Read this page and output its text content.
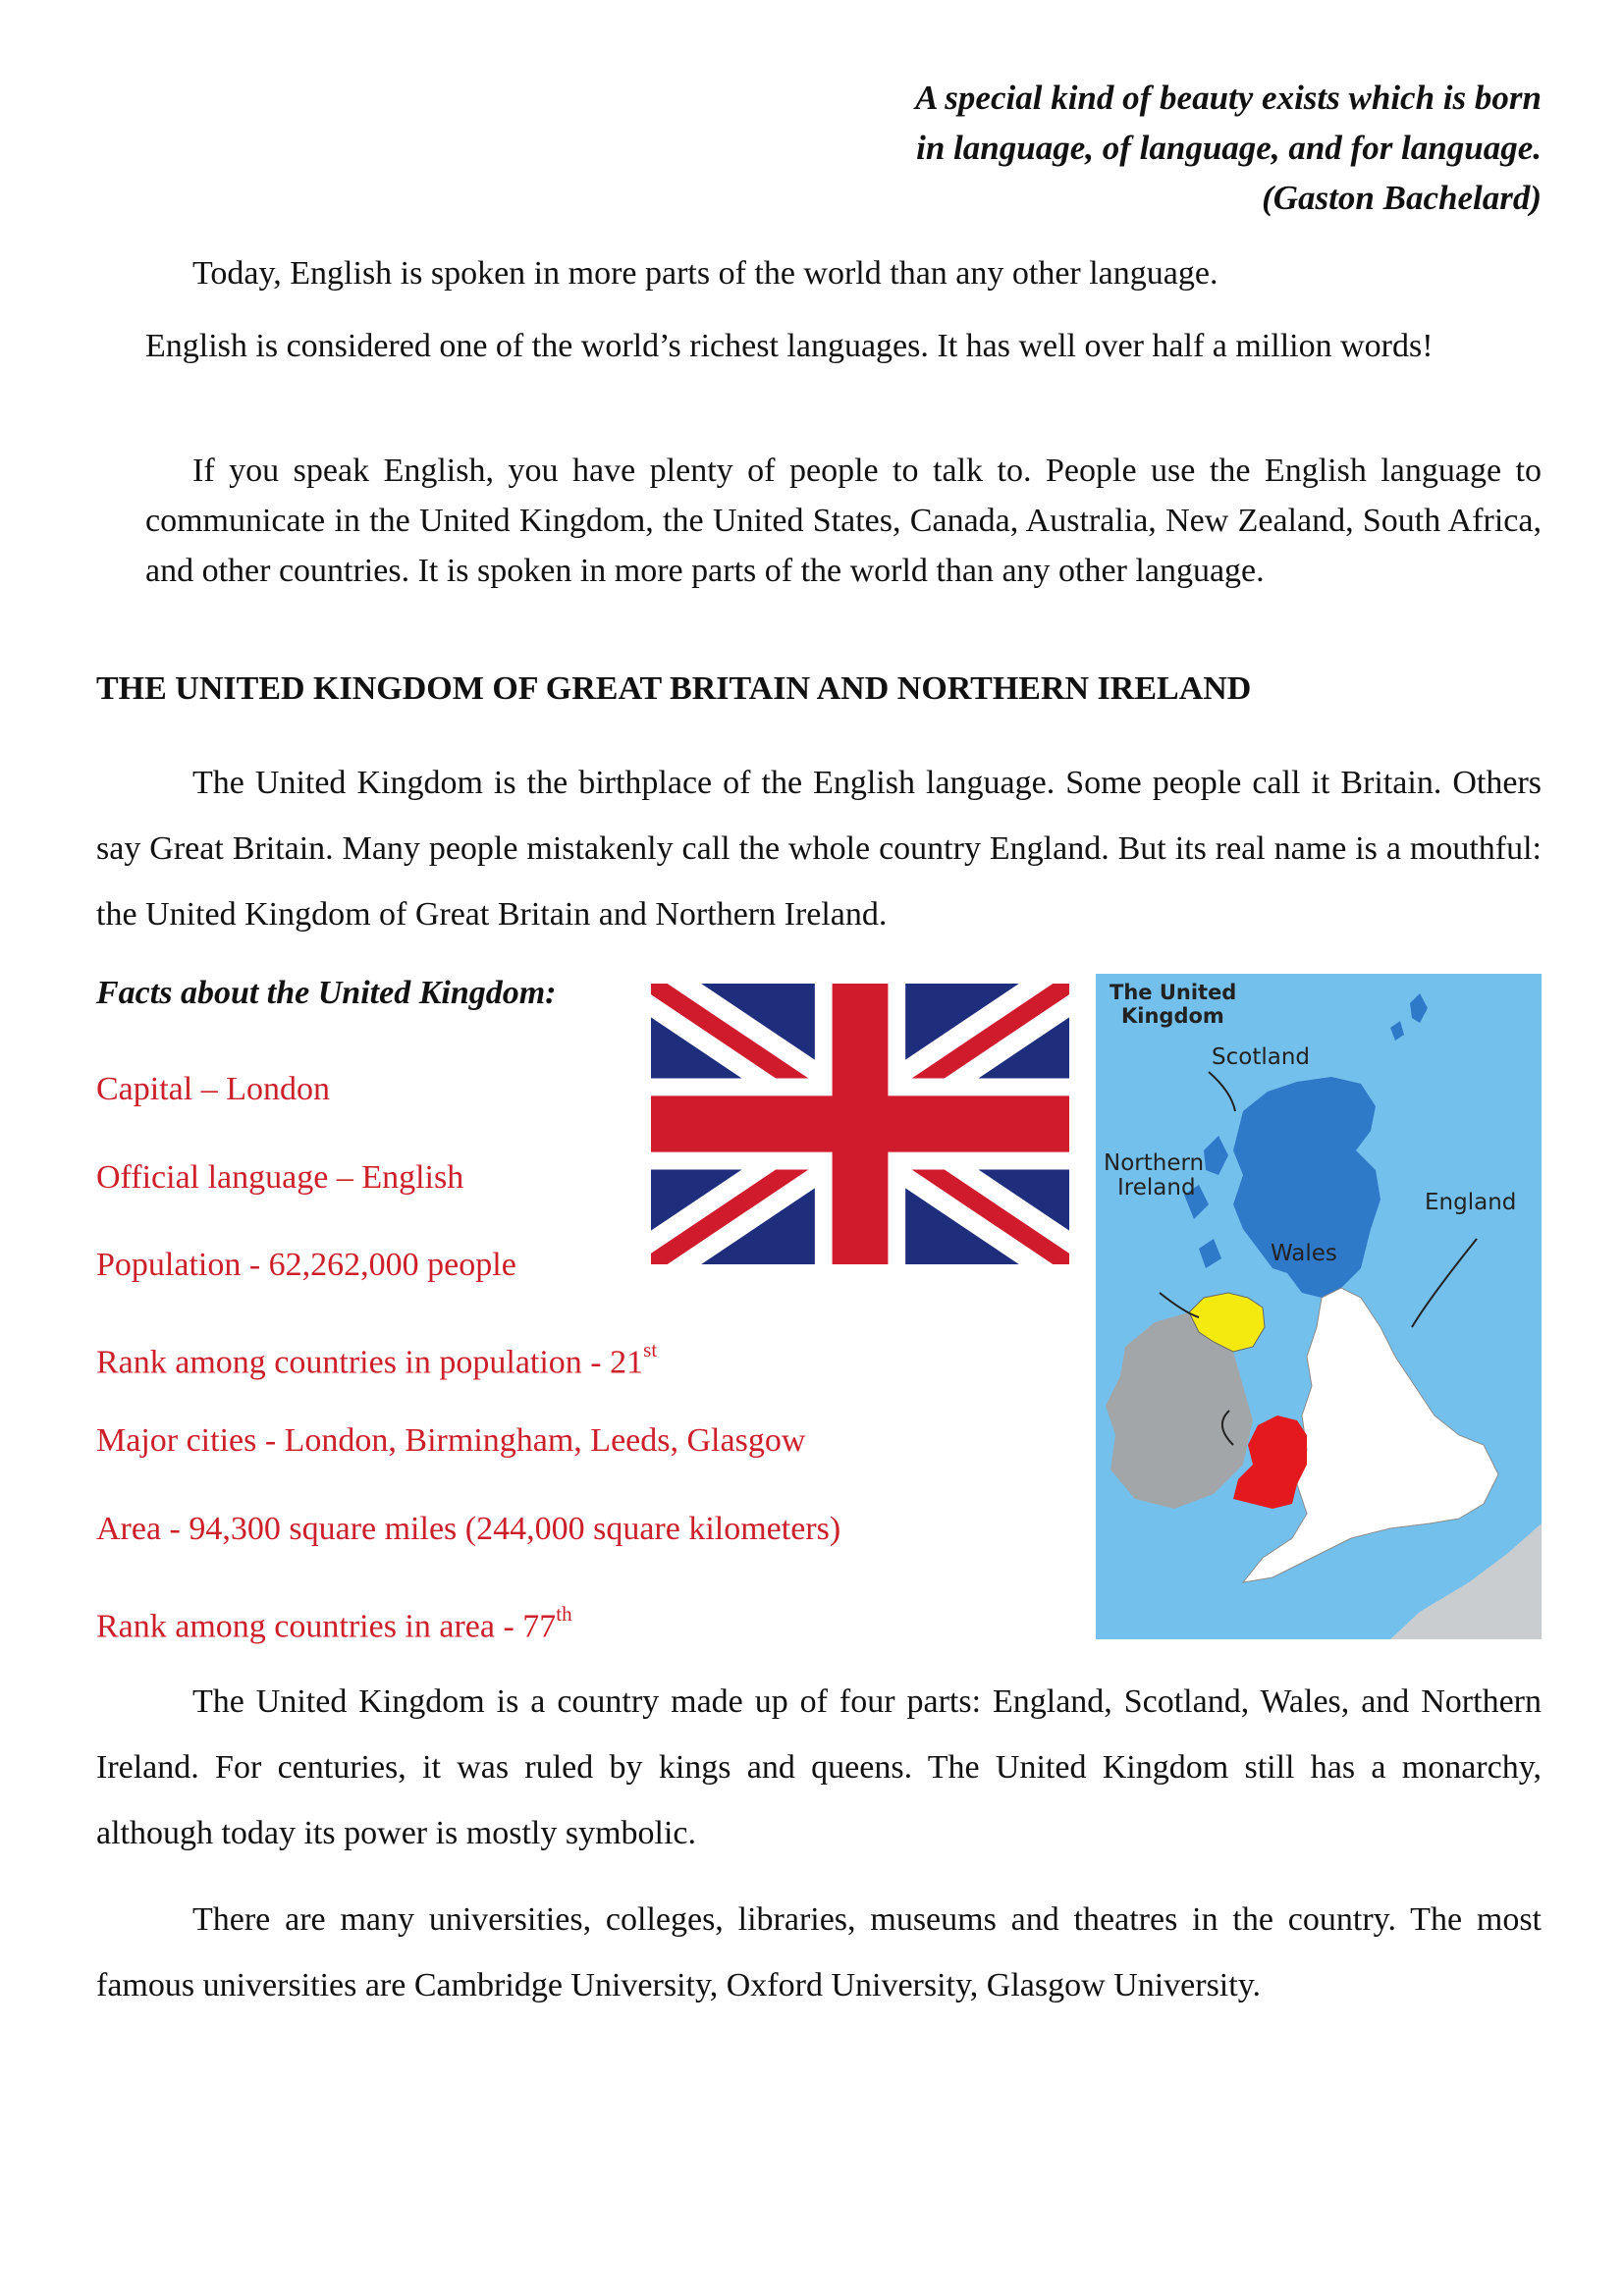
A special kind of beauty exists which is born
in language, of language, and for language.
(Gaston Bachelard)
Today, English is spoken in more parts of the world than any other language.
English is considered one of the world’s richest languages. It has well over half a million words!
If you speak English, you have plenty of people to talk to. People use the English language to communicate in the United Kingdom, the United States, Canada, Australia, New Zealand, South Africa, and other countries. It is spoken in more parts of the world than any other language.
THE UNITED KINGDOM OF GREAT BRITAIN AND NORTHERN IRELAND
The United Kingdom is the birthplace of the English language. Some people call it Britain. Others say Great Britain. Many people mistakenly call the whole country England. But its real name is a mouthful: the United Kingdom of Great Britain and Northern Ireland.
Facts about the United Kingdom:
Capital – London
Official language – English
Population - 62,262,000 people
Rank among countries in population - 21st
Major cities - London, Birmingham, Leeds, Glasgow
Area - 94,300 square miles (244,000 square kilometers)
Rank among countries in area - 77th
The United
Kingdom
Scotland
Northern
Ireland
England
Wales
The United Kingdom is a country made up of four parts: England, Scotland, Wales, and Northern Ireland. For centuries, it was ruled by kings and queens. The United Kingdom still has a monarchy, although today its power is mostly symbolic.
There are many universities, colleges, libraries, museums and theatres in the country. The most famous universities are Cambridge University, Oxford University, Glasgow University.
